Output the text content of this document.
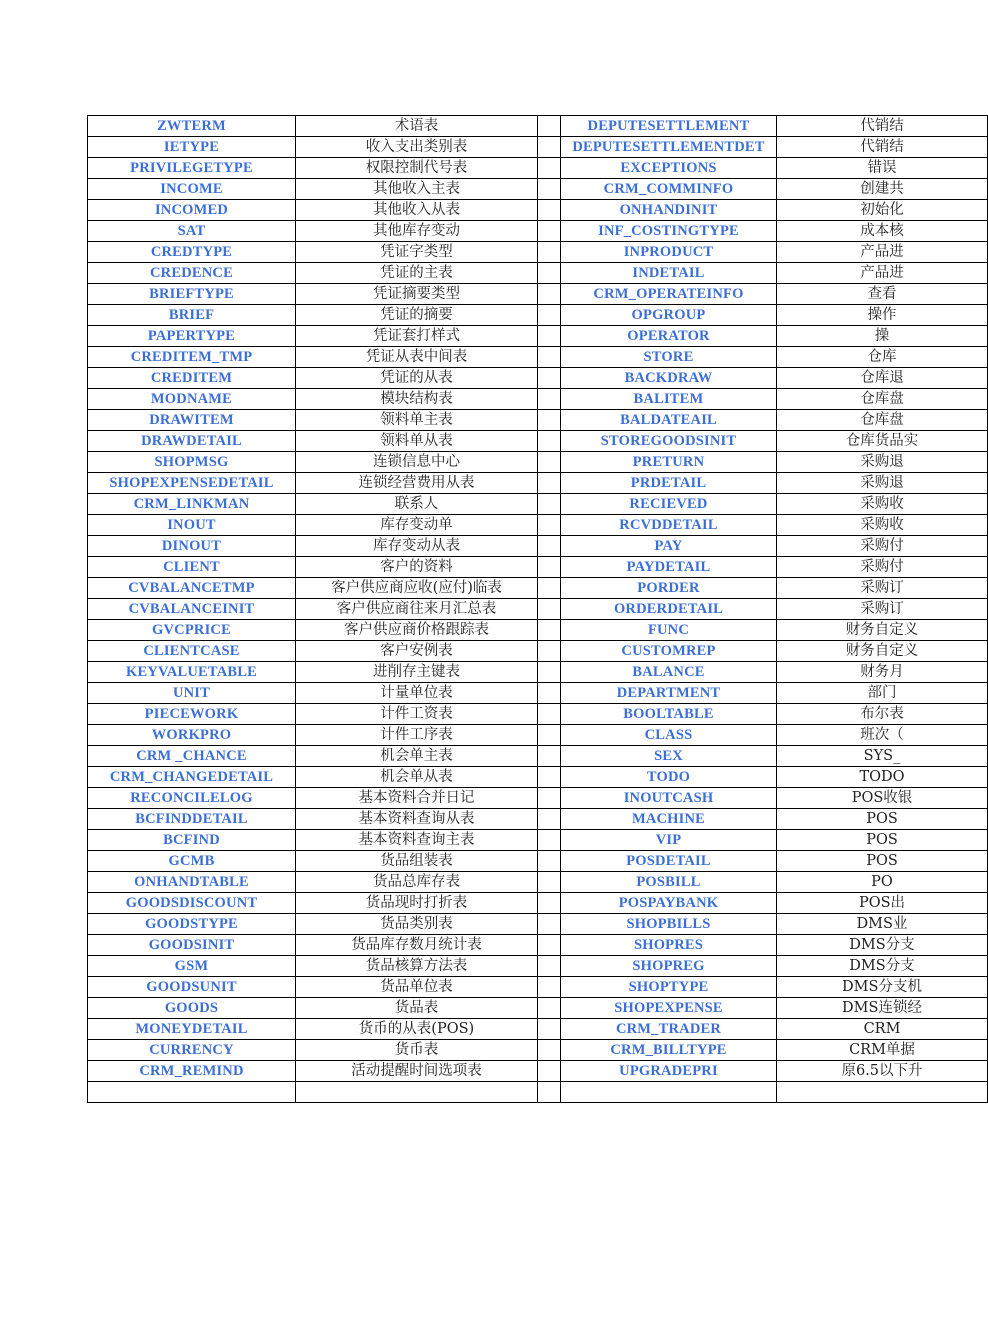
ZWTERM	术语表		DEPUTESETTLEMENT	代销结
IETYPE	收入支出类别表		DEPUTESETTLEMENTDET	代销结
PRIVILEGETYPE	权限控制代号表		EXCEPTIONS	错误
INCOME	其他收入主表		CRM_COMMINFO	创建共
INCOMED	其他收入从表		ONHANDINIT	初始化
SAT	其他库存变动		INF_COSTINGTYPE	成本核
CREDTYPE	凭证字类型		INPRODUCT	产品进
CREDENCE	凭证的主表		INDETAIL	产品进
BRIEFTYPE	凭证摘要类型		CRM_OPERATEINFO	查看
BRIEF	凭证的摘要		OPGROUP	操作
PAPERTYPE	凭证套打样式		OPERATOR	操
CREDITEM_TMP	凭证从表中间表		STORE	仓库
CREDITEM	凭证的从表		BACKDRAW	仓库退
MODNAME	模块结构表		BALITEM	仓库盘
DRAWITEM	领料单主表		BALDATEAIL	仓库盘
DRAWDETAIL	领料单从表		STOREGOODSINIT	仓库货品实
SHOPMSG	连锁信息中心		PRETURN	采购退
SHOPEXPENSEDETAIL	连锁经营费用从表		PRDETAIL	采购退
CRM_LINKMAN	联系人		RECIEVED	采购收
INOUT	库存变动单		RCVDDETAIL	采购收
DINOUT	库存变动从表		PAY	采购付
CLIENT	客户的资料		PAYDETAIL	采购付
CVBALANCETMP	客户供应商应收(应付)临表		PORDER	采购订
CVBALANCEINIT	客户供应商往来月汇总表		ORDERDETAIL	采购订
GVCPRICE	客户供应商价格跟踪表		FUNC	财务自定义
CLIENTCASE	客户安例表		CUSTOMREP	财务自定义
KEYVALUETABLE	进削存主键表		BALANCE	财务月
UNIT	计量单位表		DEPARTMENT	部门
PIECEWORK	计件工资表		BOOLTABLE	布尔表
WORKPRO	计件工序表		CLASS	班次（
CRM _CHANCE	机会单主表		SEX	SYS_
CRM_CHANGEDETAIL	机会单从表		TODO	TODO
RECONCILELOG	基本资料合并日记		INOUTCASH	POS收银
BCFINDDETAIL	基本资料查询从表		MACHINE	POS
BCFIND	基本资料查询主表		VIP	POS
GCMB	货品组装表		POSDETAIL	POS
ONHANDTABLE	货品总库存表		POSBILL	PO
GOODSDISCOUNT	货品现时打折表		POSPAYBANK	POS出
GOODSTYPE	货品类别表		SHOPBILLS	DMS业
GOODSINIT	货品库存数月统计表		SHOPRES	DMS分支
GSM	货品核算方法表		SHOPREG	DMS分支
GOODSUNIT	货品单位表		SHOPTYPE	DMS分支机
GOODS	货品表		SHOPEXPENSE	DMS连锁经
MONEYDETAIL	货币的从表(POS)		CRM_TRADER	CRM
CURRENCY	货币表		CRM_BILLTYPE	CRM单据
CRM_REMIND	活动提醒时间选项表		UPGRADEPRI	原6.5以下升
